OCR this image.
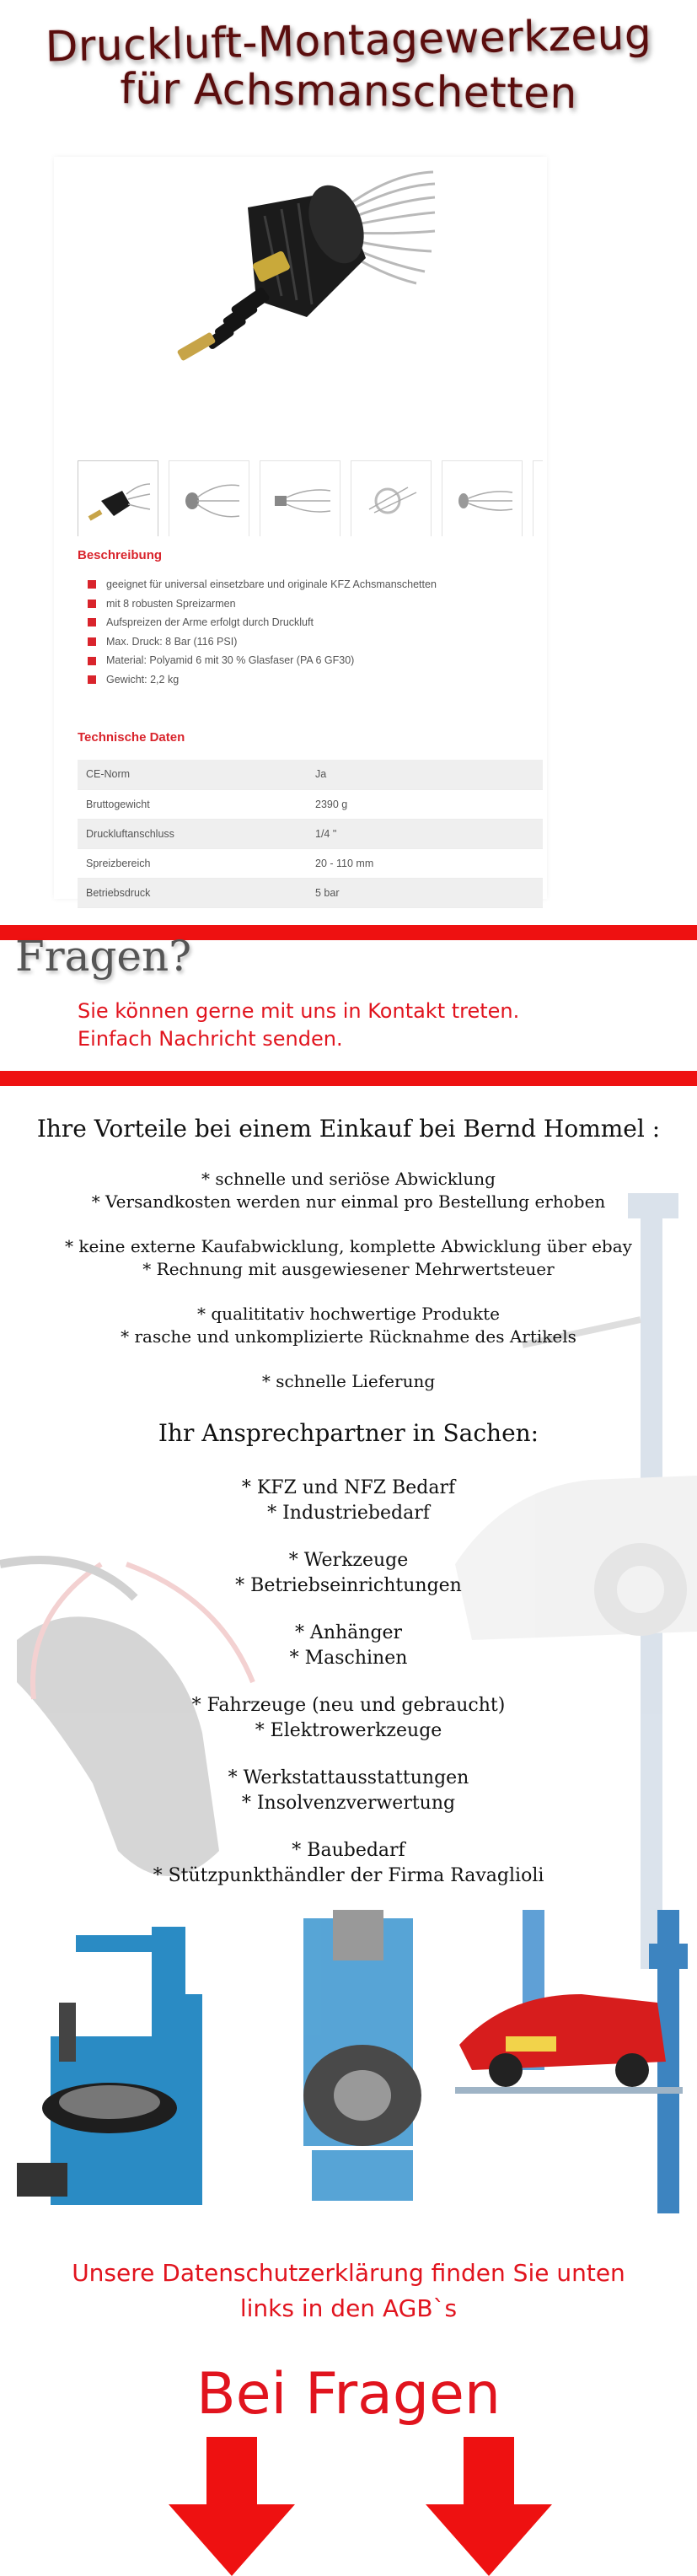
Druckluft-Montagewerkzeug
für Achsmanschetten
Beschreibung
geeignet für universal einsetzbare und originale KFZ Achsmanschetten
mit 8 robusten Spreizarmen
Aufspreizen der Arme erfolgt durch Druckluft
Max. Druck: 8 Bar (116 PSI)
Material: Polyamid 6 mit 30 % Glasfaser (PA 6 GF30)
Gewicht: 2,2 kg
Technische Daten
CE-Norm	Ja
Bruttogewicht	2390 g
Druckluftanschluss	1/4 "
Spreizbereich	20 - 110 mm
Betriebsdruck	5 bar
Fragen?
Sie können gerne mit uns in Kontakt treten.
Einfach Nachricht senden.
Ihre Vorteile bei einem Einkauf bei Bernd Hommel :
* schnelle und seriöse Abwicklung
* Versandkosten werden nur einmal pro Bestellung erhoben
* keine externe Kaufabwicklung, komplette Abwicklung über ebay
* Rechnung mit ausgewiesener Mehrwertsteuer
* qualititativ hochwertige Produkte
* rasche und unkomplizierte Rücknahme des Artikels
* schnelle Lieferung
Ihr Ansprechpartner in Sachen:
* KFZ und NFZ Bedarf
* Industriebedarf
* Werkzeuge
* Betriebseinrichtungen
* Anhänger
* Maschinen
* Fahrzeuge (neu und gebraucht)
* Elektrowerkzeuge
* Werkstattausstattungen
* Insolvenzverwertung
* Baubedarf
* Stützpunkthändler der Firma Ravaglioli
Unsere Datenschutzerklärung finden Sie unten
links in den AGB`s
Bei Fragen
